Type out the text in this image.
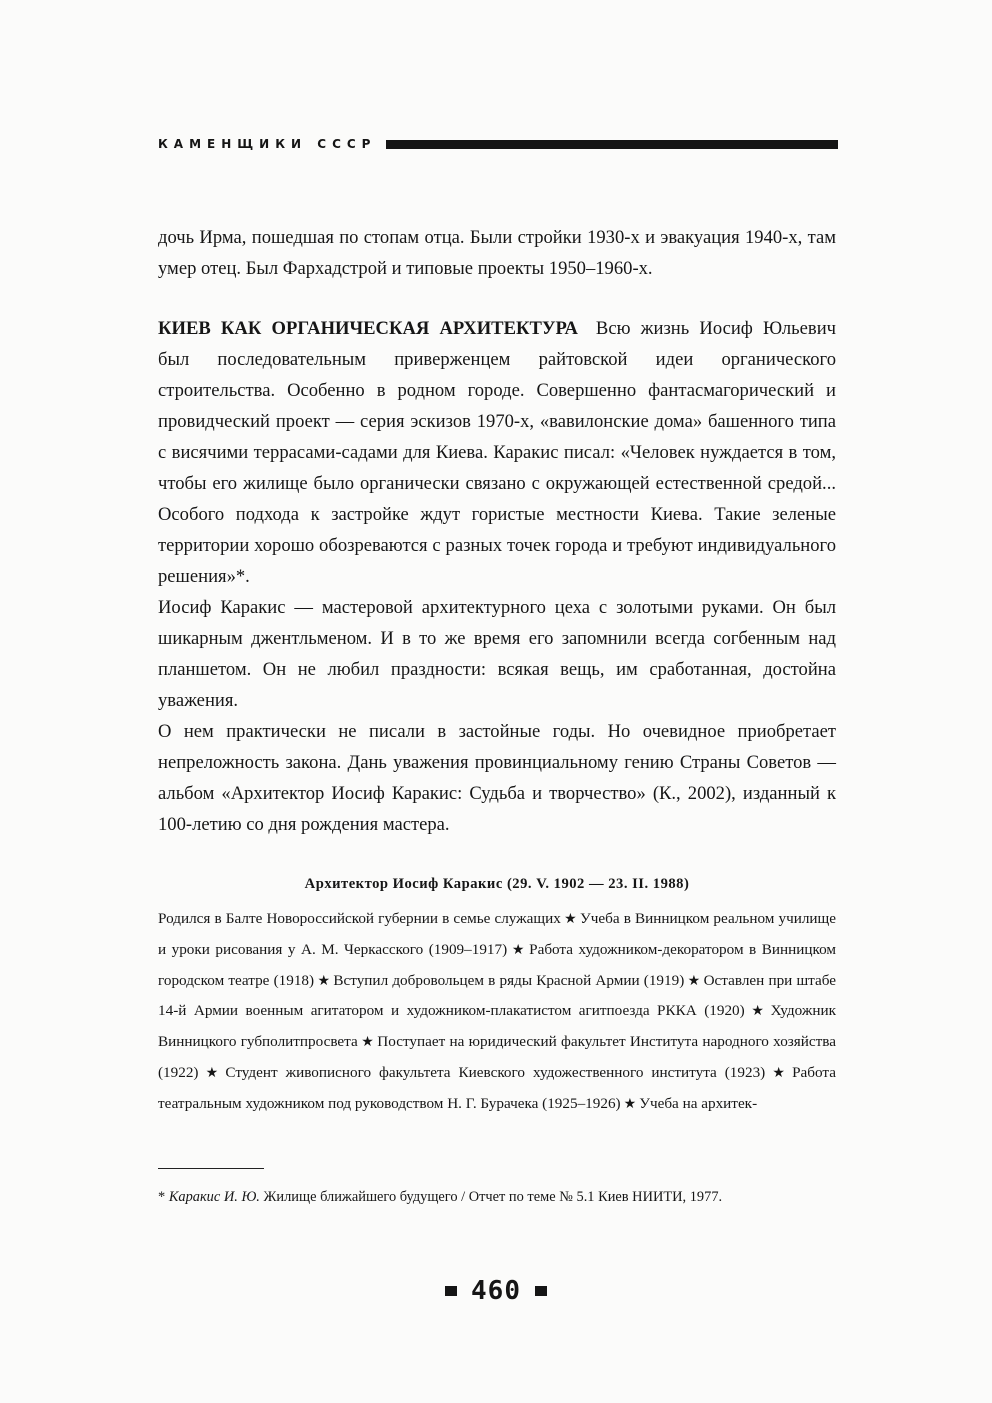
КАМЕНЩИКИ СССР

дочь Ирма, пошедшая по стопам отца. Были стройки 1930-х и эвакуация 1940-х, там умер отец. Был Фархадстрой и типовые проекты 1950–1960-х.

КИЕВ КАК ОРГАНИЧЕСКАЯ АРХИТЕКТУРА Всю жизнь Иосиф Юльевич был последовательным приверженцем райтовской идеи органического строительства. Особенно в родном городе. Совершенно фантасмагорический и провидческий проект — серия эскизов 1970-х, «вавилонские дома» башенного типа с висячими террасами-садами для Киева. Каракис писал: «Человек нуждается в том, чтобы его жилище было органически связано с окружающей естественной средой... Особого подхода к застройке ждут гористые местности Киева. Такие зеленые территории хорошо обозреваются с разных точек города и требуют индивидуального решения»*.

Иосиф Каракис — мастеровой архитектурного цеха с золотыми руками. Он был шикарным джентльменом. И в то же время его запомнили всегда согбенным над планшетом. Он не любил праздности: всякая вещь, им сработанная, достойна уважения.

О нем практически не писали в застойные годы. Но очевидное приобретает непреложность закона. Дань уважения провинциальному гению Страны Советов — альбом «Архитектор Иосиф Каракис: Судьба и творчество» (К., 2002), изданный к 100-летию со дня рождения мастера.

Архитектор Иосиф Каракис (29. V. 1902 — 23. II. 1988)

Родился в Балте Новороссийской губернии в семье служащих ★ Учеба в Винницком реальном училище и уроки рисования у А. М. Черкасского (1909–1917) ★ Работа художником-декоратором в Винницком городском театре (1918) ★ Вступил добровольцем в ряды Красной Армии (1919) ★ Оставлен при штабе 14-й Армии военным агитатором и художником-плакатистом агитпоезда РККА (1920) ★ Художник Винницкого губполитпросвета ★ Поступает на юридический факультет Института народного хозяйства (1922) ★ Студент живописного факультета Киевского художественного института (1923) ★ Работа театральным художником под руководством Н. Г. Бурачека (1925–1926) ★ Учеба на архитек-

* Каракис И. Ю. Жилище ближайшего будущего / Отчет по теме № 5.1 Киев НИИТИ, 1977.

460
